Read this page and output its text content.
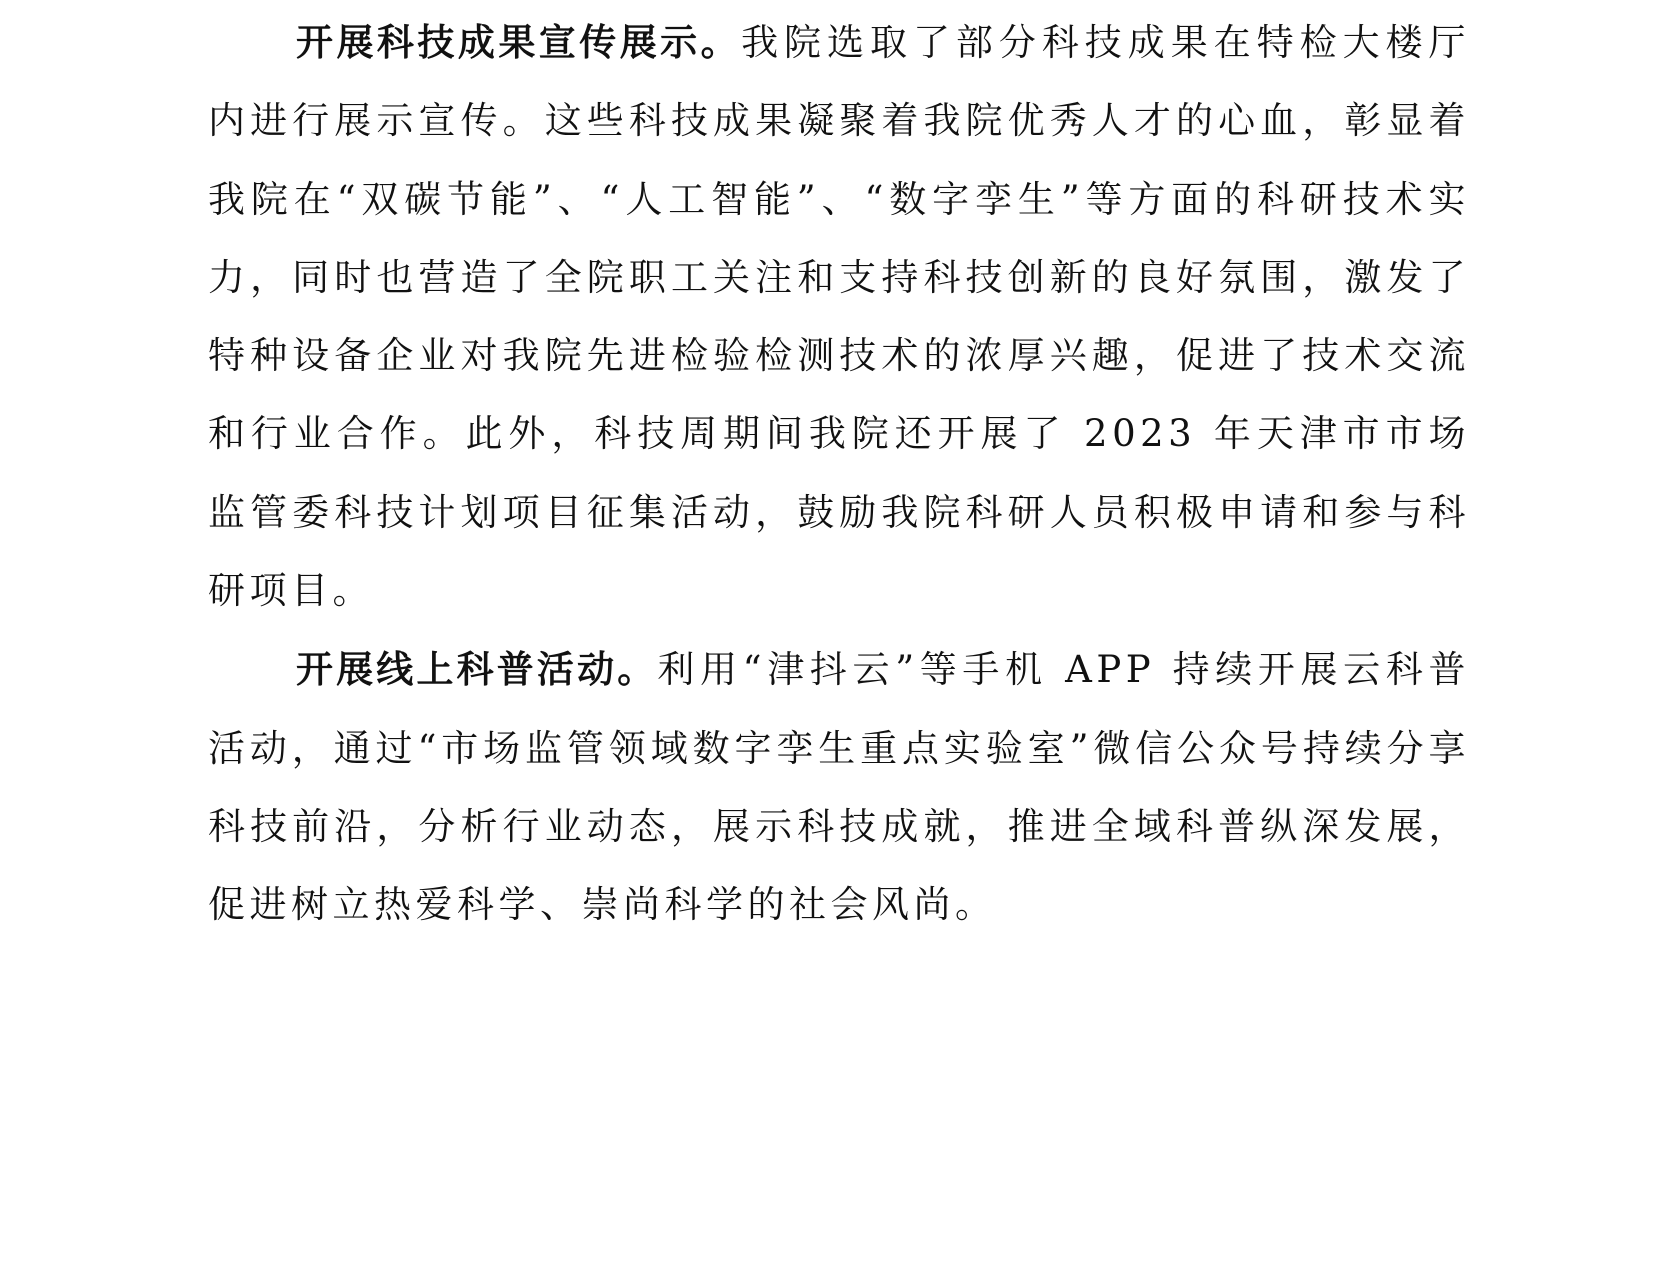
开展科技成果宣传展示。我院选取了部分科技成果在特检大楼厅内进行展示宣传。这些科技成果凝聚着我院优秀人才的心血，彰显着我院在“双碳节能”、“人工智能”、“数字孪生”等方面的科研技术实力，同时也营造了全院职工关注和支持科技创新的良好氛围，激发了特种设备企业对我院先进检验检测技术的浓厚兴趣，促进了技术交流和行业合作。此外，科技周期间我院还开展了 2023 年天津市市场监管委科技计划项目征集活动，鼓励我院科研人员积极申请和参与科研项目。

开展线上科普活动。利用“津抖云”等手机 APP 持续开展云科普活动，通过“市场监管领域数字孪生重点实验室”微信公众号持续分享科技前沿，分析行业动态，展示科技成就，推进全域科普纵深发展，促进树立热爱科学、崇尚科学的社会风尚。
